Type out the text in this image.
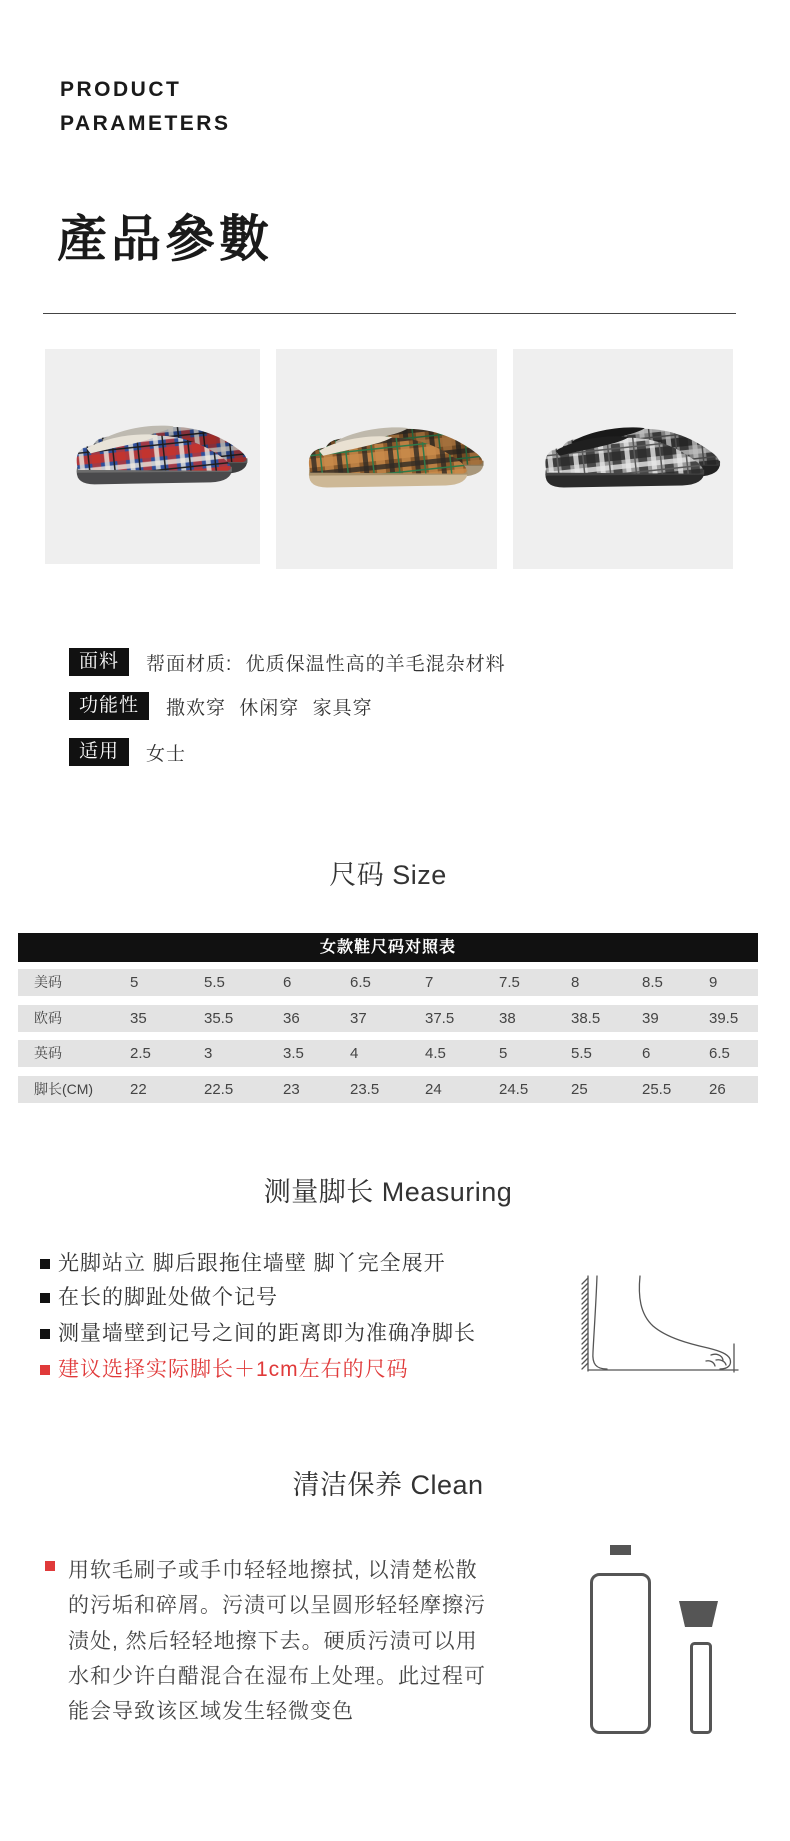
PRODUCT
PARAMETERS
產品參數
面料	帮面材质: 优质保温性高的羊毛混杂材料
功能性	撒欢穿 休闲穿 家具穿
适用	女士
尺码 Size
女款鞋尺码对照表
美码	5	5.5	6	6.5	7	7.5	8	8.5	9
欧码	35	35.5	36	37	37.5	38	38.5	39	39.5
英码	2.5	3	3.5	4	4.5	5	5.5	6	6.5
脚长(CM) 22	22.5	23	23.5	24	24.5	25	25.5	26
测量脚长 Measuring
光脚站立 脚后跟拖住墙壁 脚丫完全展开
在长的脚趾处做个记号
测量墙壁到记号之间的距离即为准确净脚长
建议选择实际脚长＋1cm左右的尺码
清洁保养 Clean
用软毛刷子或手巾轻轻地擦拭, 以清楚松散
的污垢和碎屑。污渍可以呈圆形轻轻摩擦污
渍处, 然后轻轻地擦下去。硬质污渍可以用
水和少许白醋混合在湿布上处理。此过程可
能会导致该区域发生轻微变色
